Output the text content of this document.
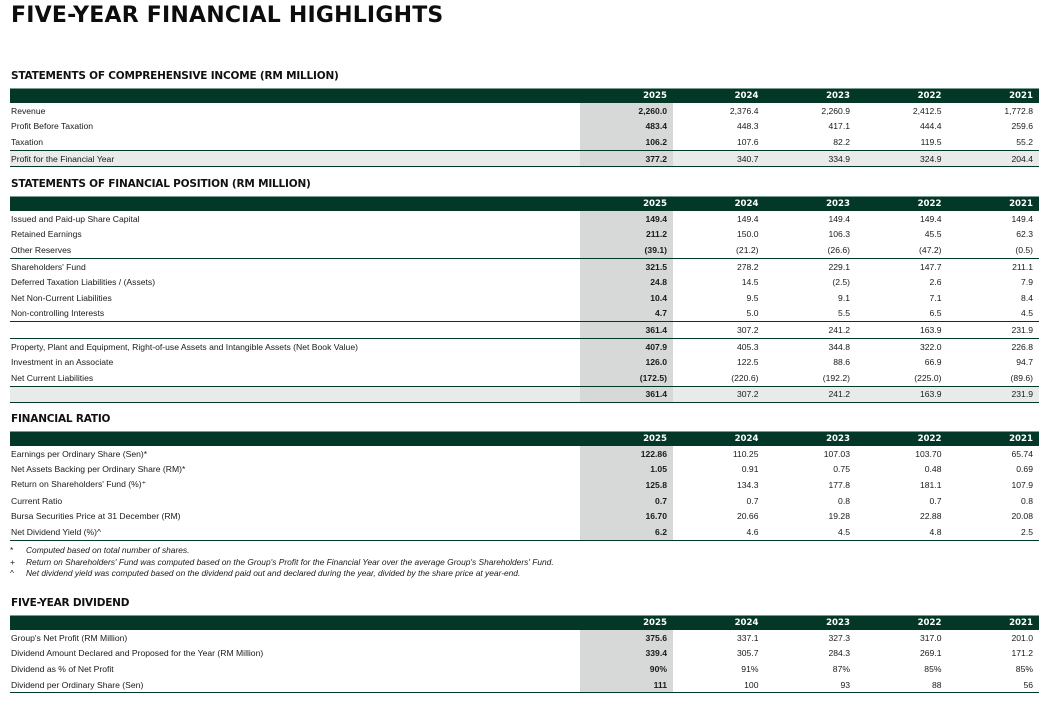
FIVE-YEAR FINANCIAL HIGHLIGHTS
STATEMENTS OF COMPREHENSIVE INCOME (RM MILLION)
	2025	2024	2023	2022	2021
Revenue	2,260.0	2,376.4	2,260.9	2,412.5	1,772.8
Profit Before Taxation	483.4	448.3	417.1	444.4	259.6
Taxation	106.2	107.6	82.2	119.5	55.2
Profit for the Financial Year	377.2	340.7	334.9	324.9	204.4
STATEMENTS OF FINANCIAL POSITION (RM MILLION)
	2025	2024	2023	2022	2021
Issued and Paid-up Share Capital	149.4	149.4	149.4	149.4	149.4
Retained Earnings	211.2	150.0	106.3	45.5	62.3
Other Reserves	(39.1)	(21.2)	(26.6)	(47.2)	(0.5)
Shareholders' Fund	321.5	278.2	229.1	147.7	211.1
Deferred Taxation Liabilities / (Assets)	24.8	14.5	(2.5)	2.6	7.9
Net Non-Current Liabilities	10.4	9.5	9.1	7.1	8.4
Non-controlling Interests	4.7	5.0	5.5	6.5	4.5
	361.4	307.2	241.2	163.9	231.9
Property, Plant and Equipment, Right-of-use Assets and Intangible Assets (Net Book Value)	407.9	405.3	344.8	322.0	226.8
Investment in an Associate	126.0	122.5	88.6	66.9	94.7
Net Current Liabilities	(172.5)	(220.6)	(192.2)	(225.0)	(89.6)
	361.4	307.2	241.2	163.9	231.9
FINANCIAL RATIO
	2025	2024	2023	2022	2021
Earnings per Ordinary Share (Sen)*	122.86	110.25	107.03	103.70	65.74
Net Assets Backing per Ordinary Share (RM)*	1.05	0.91	0.75	0.48	0.69
Return on Shareholders' Fund (%)⁺	125.8	134.3	177.8	181.1	107.9
Current Ratio	0.7	0.7	0.8	0.7	0.8
Bursa Securities Price at 31 December (RM)	16.70	20.66	19.28	22.88	20.08
Net Dividend Yield (%)^	6.2	4.6	4.5	4.8	2.5
*	Computed based on total number of shares.
+	Return on Shareholders' Fund was computed based on the Group's Profit for the Financial Year over the average Group's Shareholders' Fund.
^	Net dividend yield was computed based on the dividend paid out and declared during the year, divided by the share price at year-end.
FIVE-YEAR DIVIDEND
	2025	2024	2023	2022	2021
Group's Net Profit (RM Million)	375.6	337.1	327.3	317.0	201.0
Dividend Amount Declared and Proposed for the Year (RM Million)	339.4	305.7	284.3	269.1	171.2
Dividend as % of Net Profit	90%	91%	87%	85%	85%
Dividend per Ordinary Share (Sen)	111	100	93	88	56
